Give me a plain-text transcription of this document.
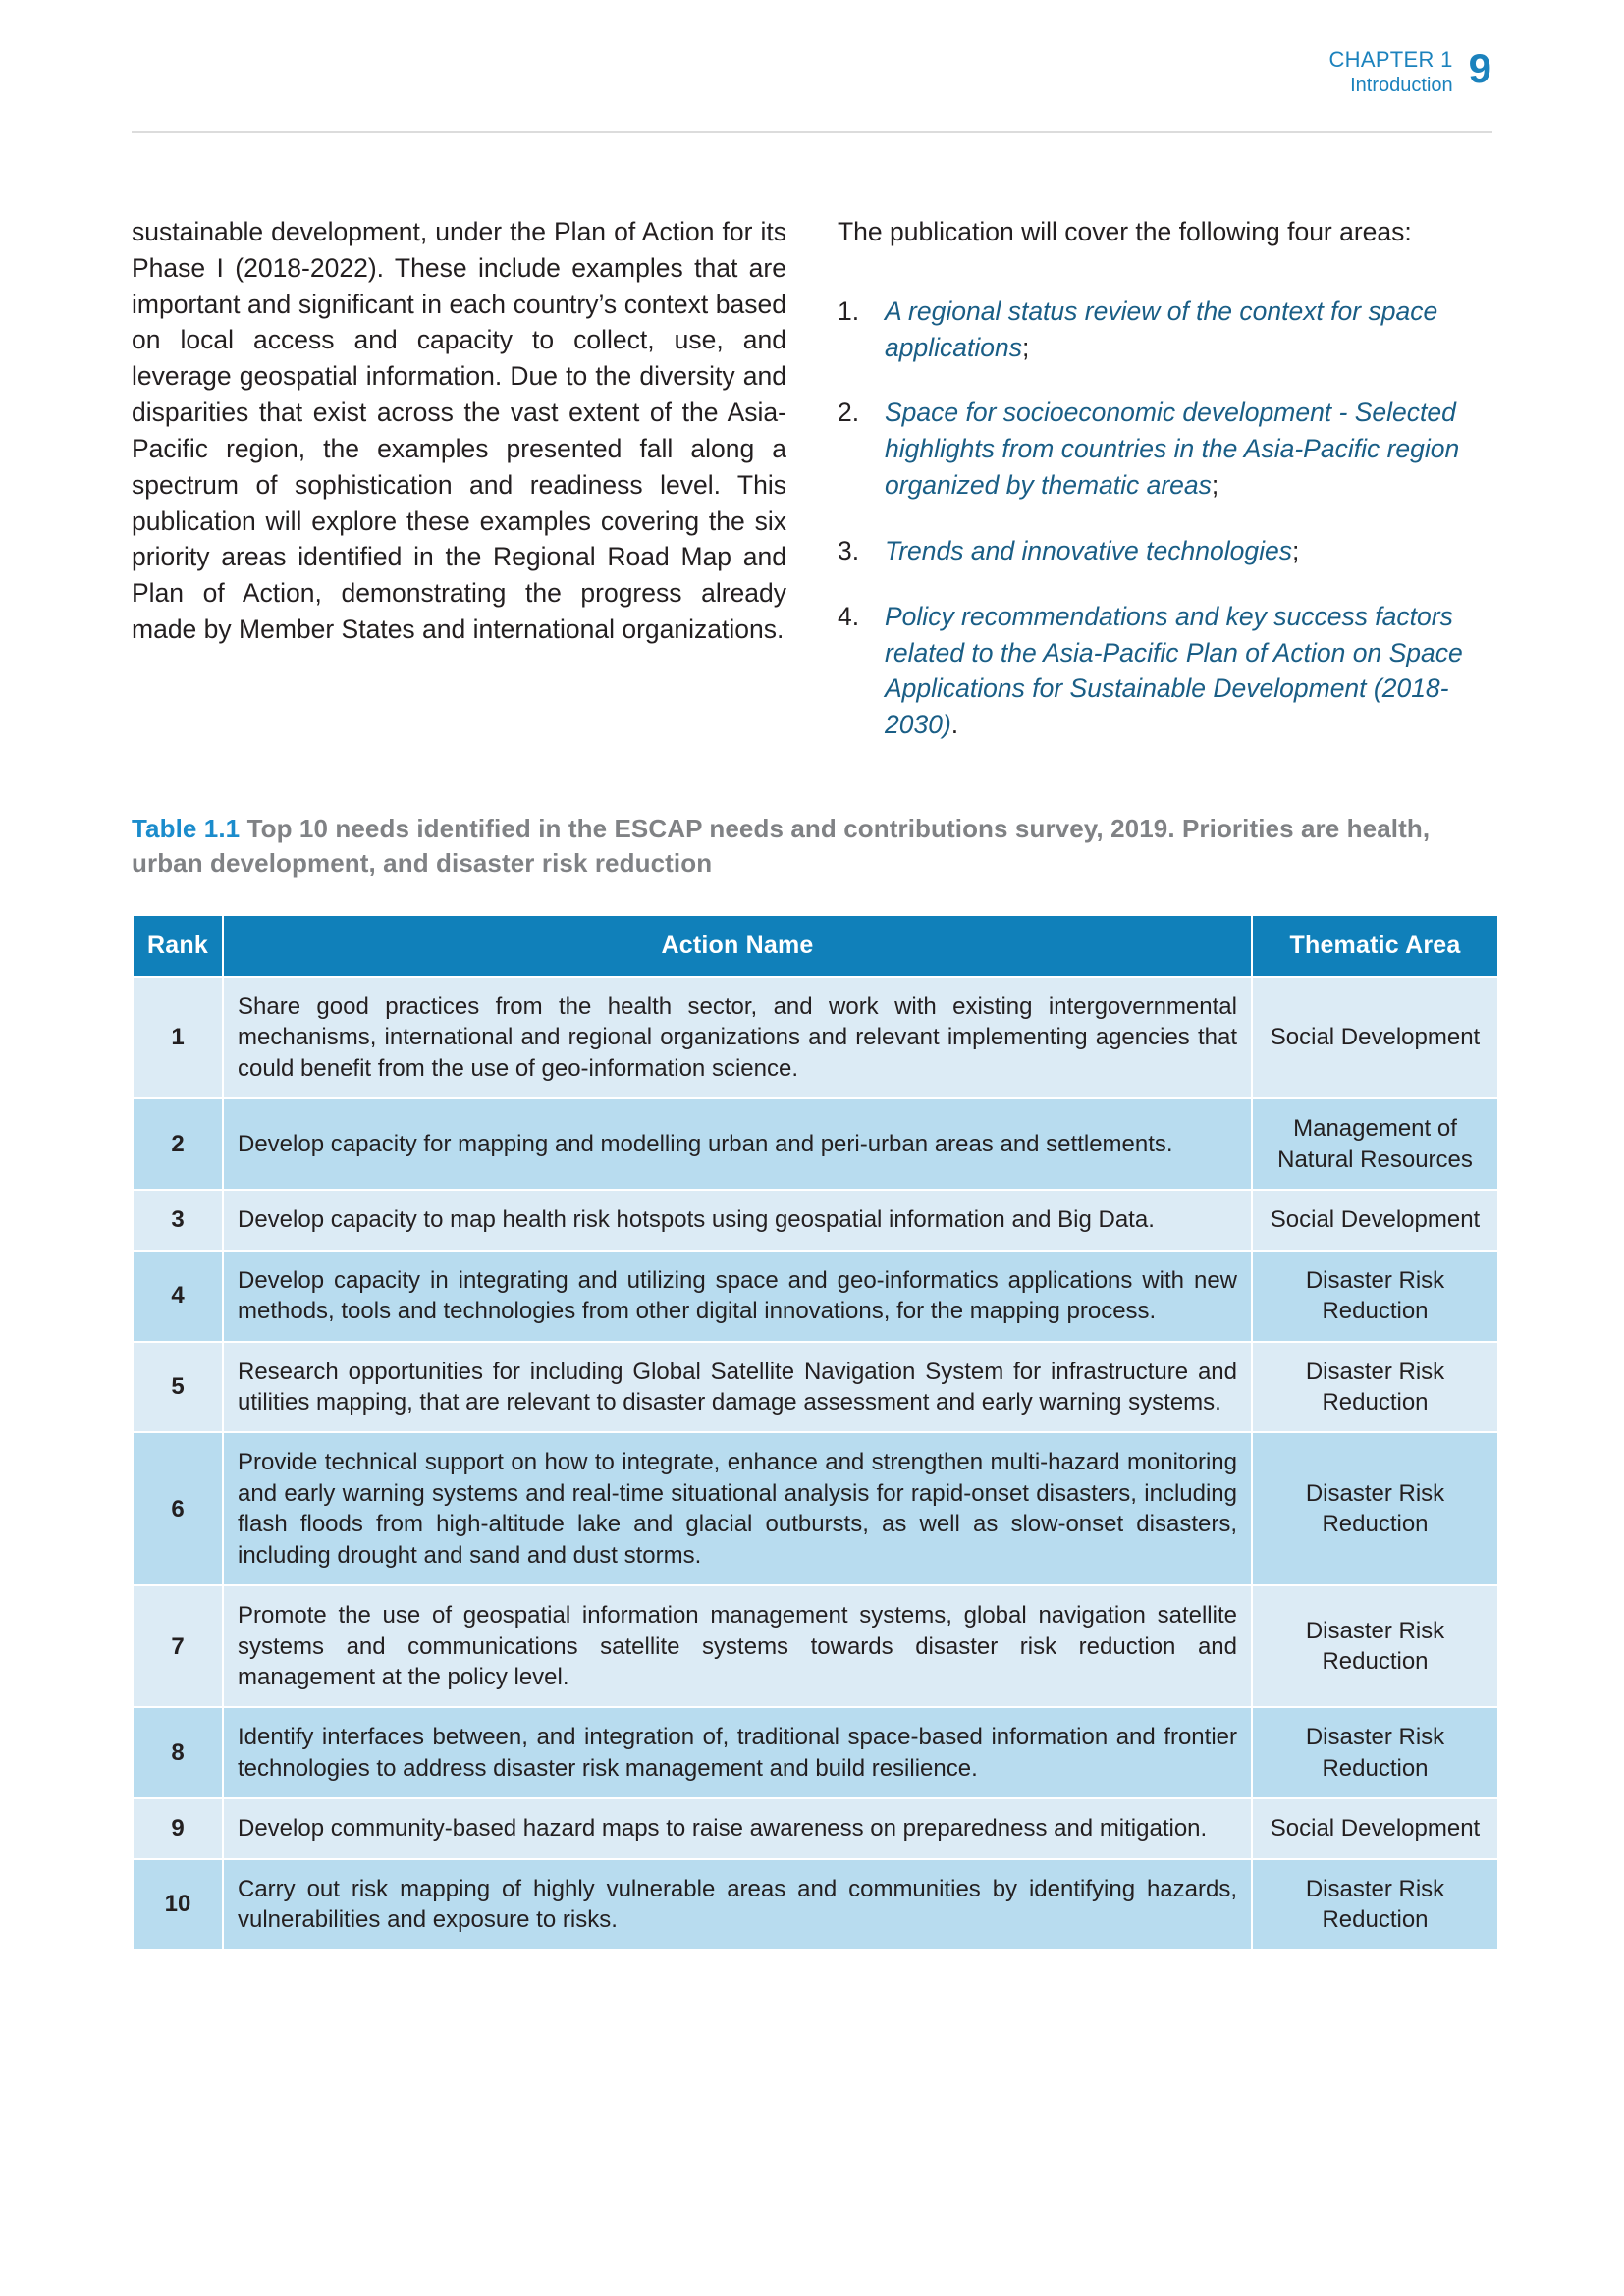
CHAPTER 1
Introduction 9

sustainable development, under the Plan of Action for its Phase I (2018-2022). These include examples that are important and significant in each country’s context based on local access and capacity to collect, use, and leverage geospatial information. Due to the diversity and disparities that exist across the vast extent of the Asia-Pacific region, the examples presented fall along a spectrum of sophistication and readiness level. This publication will explore these examples covering the six priority areas identified in the Regional Road Map and Plan of Action, demonstrating the progress already made by Member States and international organizations.

The publication will cover the following four areas:

A regional status review of the context for space applications;
Space for socioeconomic development - Selected highlights from countries in the Asia-Pacific region organized by thematic areas;
Trends and innovative technologies;
Policy recommendations and key success factors related to the Asia-Pacific Plan of Action on Space Applications for Sustainable Development (2018-2030).
Table 1.1 Top 10 needs identified in the ESCAP needs and contributions survey, 2019. Priorities are health, urban development, and disaster risk reduction
Rank	Action Name	Thematic Area
1	Share good practices from the health sector, and work with existing intergovernmental mechanisms, international and regional organizations and relevant implementing agencies that could benefit from the use of geo-information science.	Social Development
2	Develop capacity for mapping and modelling urban and peri-urban areas and settlements.	Management of Natural Resources
3	Develop capacity to map health risk hotspots using geospatial information and Big Data.	Social Development
4	Develop capacity in integrating and utilizing space and geo-informatics applications with new methods, tools and technologies from other digital innovations, for the mapping process.	Disaster Risk Reduction
5	Research opportunities for including Global Satellite Navigation System for infrastructure and utilities mapping, that are relevant to disaster damage assessment and early warning systems.	Disaster Risk Reduction
6	Provide technical support on how to integrate, enhance and strengthen multi-hazard monitoring and early warning systems and real-time situational analysis for rapid-onset disasters, including flash floods from high-altitude lake and glacial outbursts, as well as slow-onset disasters, including drought and sand and dust storms.	Disaster Risk Reduction
7	Promote the use of geospatial information management systems, global navigation satellite systems and communications satellite systems towards disaster risk reduction and management at the policy level.	Disaster Risk Reduction
8	Identify interfaces between, and integration of, traditional space-based information and frontier technologies to address disaster risk management and build resilience.	Disaster Risk Reduction
9	Develop community-based hazard maps to raise awareness on preparedness and mitigation.	Social Development
10	Carry out risk mapping of highly vulnerable areas and communities by identifying hazards, vulnerabilities and exposure to risks.	Disaster Risk Reduction
